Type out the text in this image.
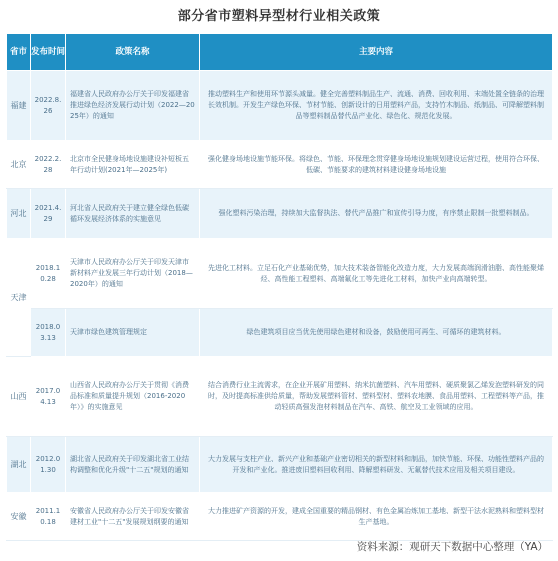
部分省市塑料异型材行业相关政策
省市	发布时间	政策名称	主要内容
福建	2022.8.26	福建省人民政府办公厅关于印发福建省推进绿色经济发展行动计划（2022—2025年）的通知	推动塑料生产和使用环节源头减量。健全完善塑料制品生产、流通、消费、回收利用、末端处置全链条的治理长效机制。开发生产绿色环保、节材节能、创新设计的日用塑料产品，支持竹木制品、纸制品、可降解塑料制品等塑料制品替代品产业化、绿色化、规范化发展。
北京	2022.2.28	北京市全民健身场地设施建设补短板五年行动计划(2021年—2025年)	强化健身场地设施节能环保。将绿色、节能、环保理念贯穿健身场地设施规划建设运营过程，使用符合环保、低碳、节能要求的建筑材料建设健身场地设施
河北	2021.4.29	河北省人民政府关于建立健全绿色低碳循环发展经济体系的实施意见	强化塑料污染治理，持续加大监督执法、替代产品推广和宣传引导力度，有序禁止限制一批塑料制品。
天津	2018.10.28	天津市人民政府办公厅关于印发天津市新材料产业发展三年行动计划（2018—2020年）的通知	先进化工材料。立足石化产业基础优势，加大技术装备智能化改造力度，大力发展高端润滑油脂、高性能聚烯烃、高性能工程塑料、高端氟化工等先进化工材料，加快产业向高端转型。
	2018.03.13	天津市绿色建筑管理规定	绿色建筑项目应当优先使用绿色建材和设备，鼓励使用可再生、可循环的建筑材料。
山西	2017.04.13	山西省人民政府办公厅关于贯彻《消费品标准和质量提升规划（2016-2020年）》的实施意见	结合消费行业主流需求，在企业开展矿用塑料、纳米抗菌塑料、汽车用塑料、硬质聚氯乙烯发泡塑料研发的同时，及时提高标准供给质量，帮助发展塑料管材、塑料型材、塑料农地膜、食品用塑料、工程塑料等产品，推动轻质高强发泡材料制品在汽车、高铁、航空及工业领域的应用。
湖北	2012.01.30	湖北省人民政府关于印发湖北省工业结构调整和优化升级"十二五"规划的通知	大力发展与支柱产业、新兴产业和基础产业密切相关的新型材料和制品，加快节能、环保、功能性塑料产品的开发和产业化。推进废旧塑料回收利用、降解塑料研发、无氟替代技术应用及相关项目建设。
安徽	2011.10.18	安徽省人民政府办公厅关于印发安徽省建材工业"十二五"发展规划纲要的通知	大力推进矿产资源的开发，建成全国重要的精品钢材、有色金属冶炼加工基地、新型干法水泥熟料和塑料型材生产基地。
资料来源：观研天下数据中心整理（YA）
